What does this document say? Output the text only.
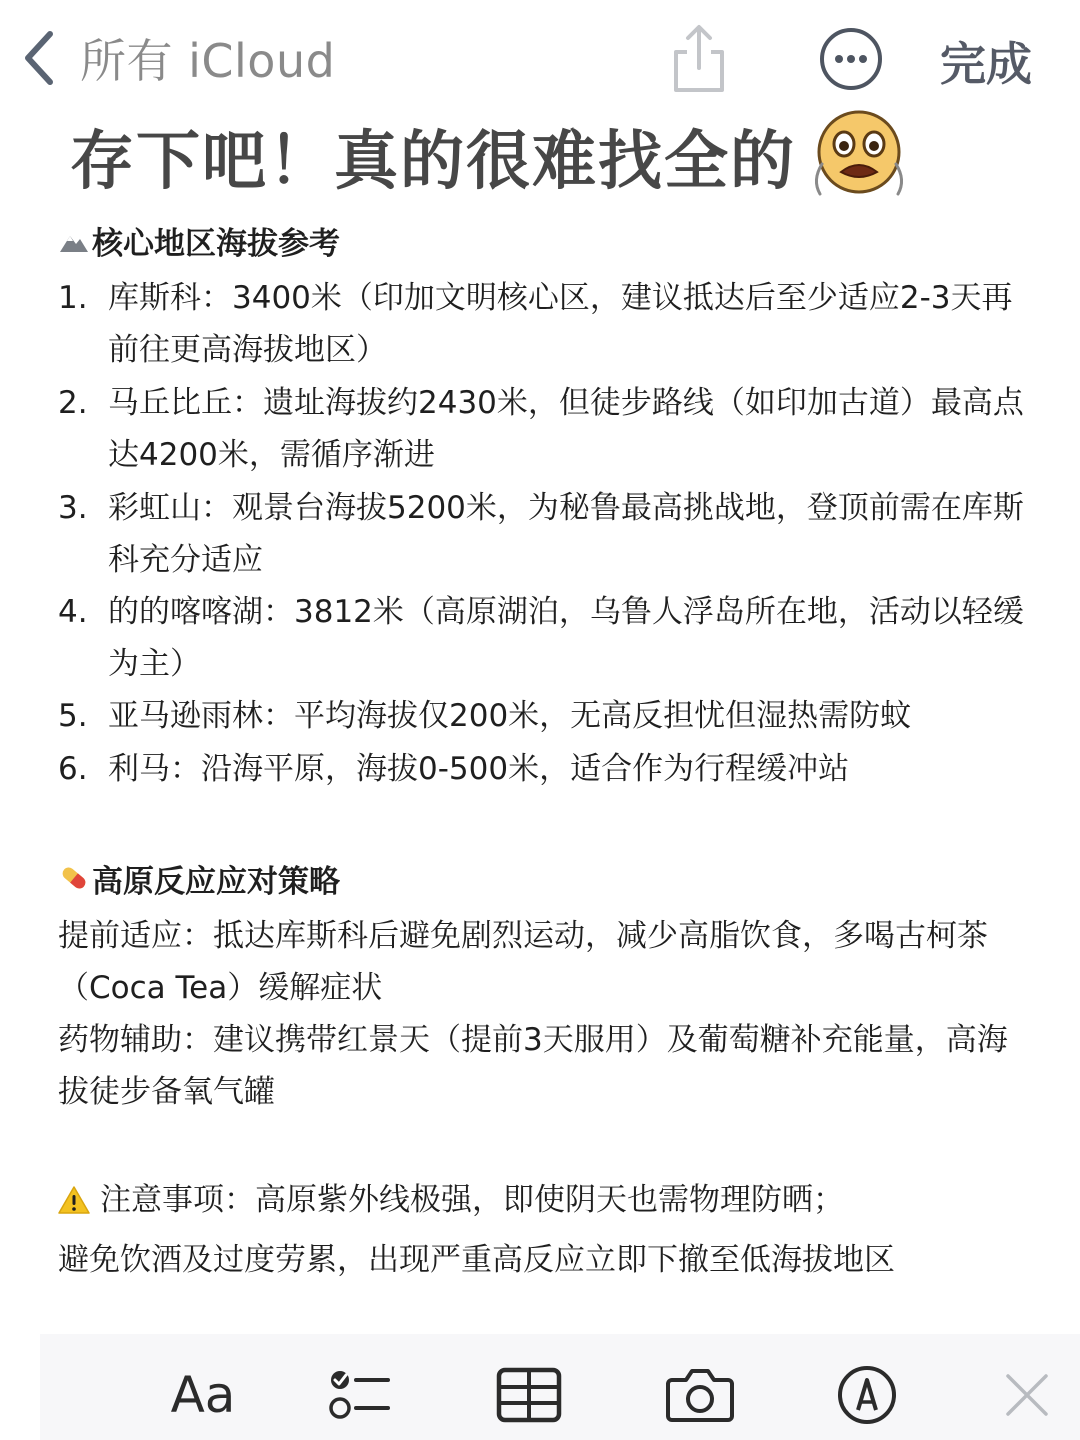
所有 iCloud	完成
存下吧！真的很难找全的
核心地区海拔参考
1. 库斯科：3400米（印加文明核心区，建议抵达后至少适应2-3天再前往更高海拔地区）
2. 马丘比丘：遗址海拔约2430米，但徒步路线（如印加古道）最高点达4200米，需循序渐进
3. 彩虹山：观景台海拔5200米，为秘鲁最高挑战地，登顶前需在库斯科充分适应
4. 的的喀喀湖：3812米（高原湖泊，乌鲁人浮岛所在地，活动以轻缓为主）
5. 亚马逊雨林：平均海拔仅200米，无高反担忧但湿热需防蚊
6. 利马：沿海平原，海拔0-500米，适合作为行程缓冲站
高原反应应对策略
提前适应：抵达库斯科后避免剧烈运动，减少高脂饮食，多喝古柯茶（Coca Tea）缓解症状
药物辅助：建议携带红景天（提前3天服用）及葡萄糖补充能量，高海拔徒步备氧气罐
注意事项：高原紫外线极强，即使阴天也需物理防晒；
避免饮酒及过度劳累，出现严重高反应立即下撤至低海拔地区
Aa
